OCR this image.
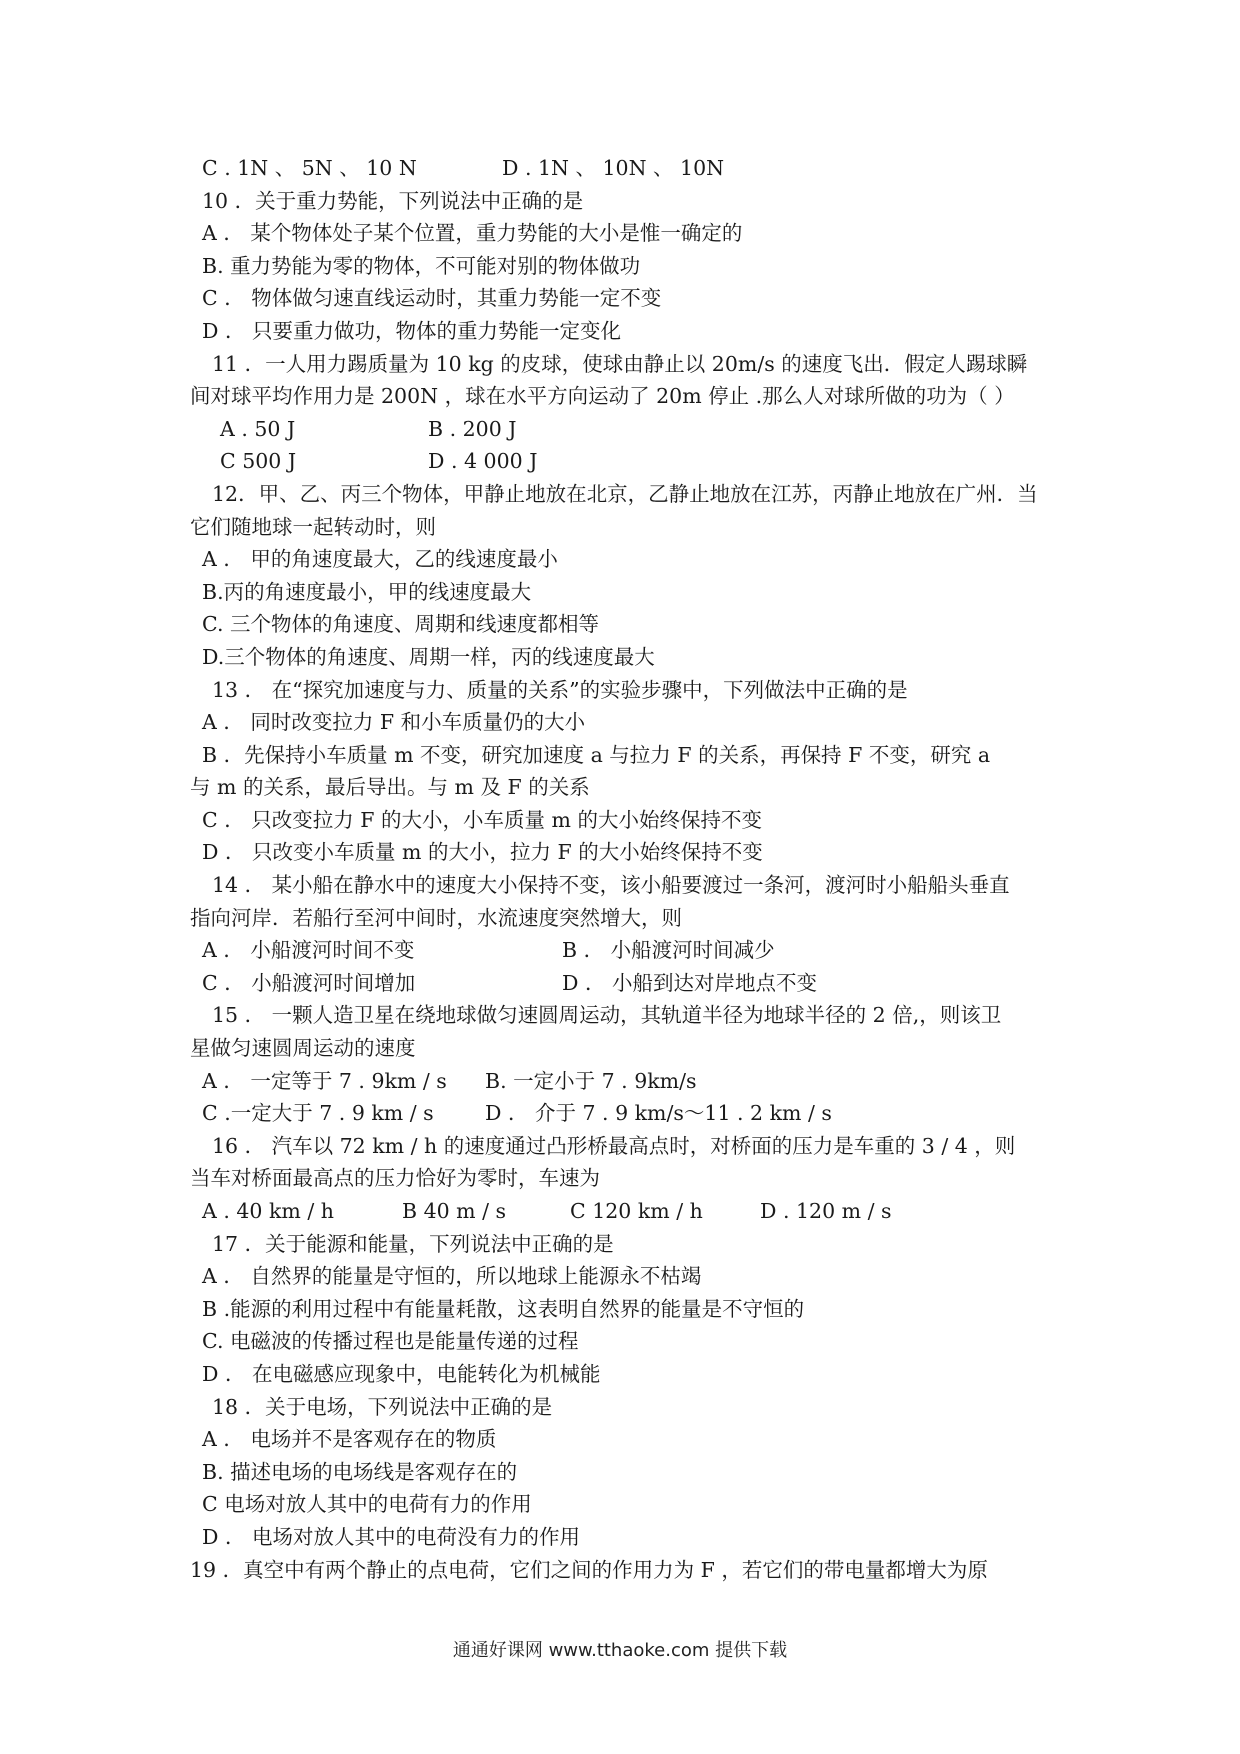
C . 1N 、 5N 、 10 N	D . 1N 、 10N 、 10N
10 ．关于重力势能，下列说法中正确的是
A ． 某个物体处子某个位置，重力势能的大小是惟一确定的
B. 重力势能为零的物体，不可能对别的物体做功
C ． 物体做匀速直线运动时，其重力势能一定不变
D ． 只要重力做功，物体的重力势能一定变化
11 ．一人用力踢质量为 10 kg 的皮球，使球由静止以 20m/s 的速度飞出．假定人踢球瞬
间对球平均作用力是 200N ，球在水平方向运动了 20m 停止 .那么人对球所做的功为（ ）
A . 50 J	B . 200 J
C 500 J	D . 4 000 J
12．甲、乙、丙三个物体，甲静止地放在北京，乙静止地放在江苏，丙静止地放在广州．当
它们随地球一起转动时，则
A ． 甲的角速度最大，乙的线速度最小
B.丙的角速度最小，甲的线速度最大
C. 三个物体的角速度、周期和线速度都相等
D.三个物体的角速度、周期一样，丙的线速度最大
13 ． 在“探究加速度与力、质量的关系”的实验步骤中，下列做法中正确的是
A ． 同时改变拉力 F 和小车质量仍的大小
B ．先保持小车质量 m 不变，研究加速度 a 与拉力 F 的关系，再保持 F 不变，研究 a
与 m 的关系，最后导出。与 m 及 F 的关系
C ． 只改变拉力 F 的大小，小车质量 m 的大小始终保持不变
D ． 只改变小车质量 m 的大小，拉力 F 的大小始终保持不变
14 ． 某小船在静水中的速度大小保持不变，该小船要渡过一条河，渡河时小船船头垂直
指向河岸．若船行至河中间时，水流速度突然增大，则
A ． 小船渡河时间不变	B ． 小船渡河时间减少
C ． 小船渡河时间增加	D ． 小船到达对岸地点不变
15 ． 一颗人造卫星在绕地球做匀速圆周运动，其轨道半径为地球半径的 2 倍,，则该卫
星做匀速圆周运动的速度
A ． 一定等于 7 . 9km / s B. 一定小于 7 . 9km/s
C .一定大于 7 . 9 km / s	D ． 介于 7 . 9 km/s～11 . 2 km / s
16 ． 汽车以 72 km / h 的速度通过凸形桥最高点时，对桥面的压力是车重的 3 / 4 ，则
当车对桥面最高点的压力恰好为零时，车速为
A . 40 km / h	B 40 m / s	C 120 km / h	D . 120 m / s
17 ．关于能源和能量，下列说法中正确的是
A ． 自然界的能量是守恒的，所以地球上能源永不枯竭
B .能源的利用过程中有能量耗散，这表明自然界的能量是不守恒的
C. 电磁波的传播过程也是能量传递的过程
D ． 在电磁感应现象中，电能转化为机械能
18 ．关于电场，下列说法中正确的是
A ． 电场并不是客观存在的物质
B. 描述电场的电场线是客观存在的
C 电场对放人其中的电荷有力的作用
D ． 电场对放人其中的电荷没有力的作用
19 ．真空中有两个静止的点电荷，它们之间的作用力为 F ，若它们的带电量都增大为原
通通好课网 www.tthaoke.com 提供下载
